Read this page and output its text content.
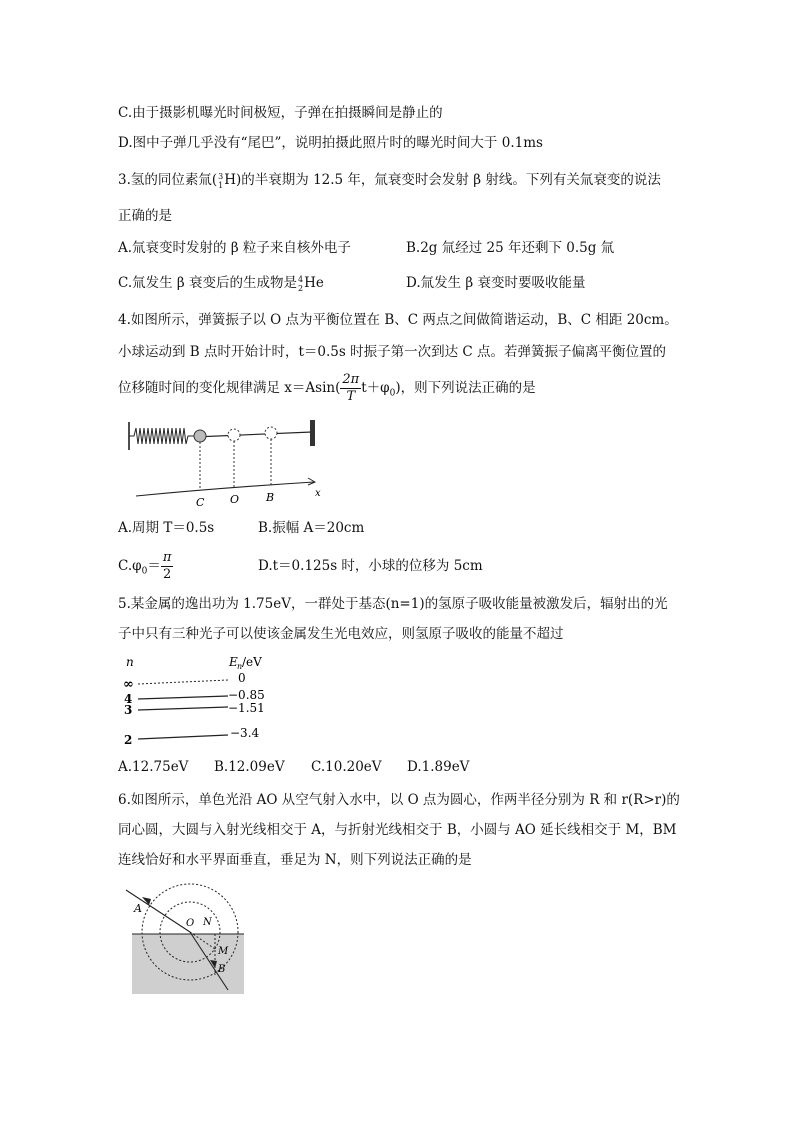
C.由于摄影机曝光时间极短，子弹在拍摄瞬间是静止的
D.图中子弹几乎没有“尾巴”，说明拍摄此照片时的曝光时间大于 0.1ms
3.氢的同位素氚( 3
1 H)的半衰期为 12.5 年，氚衰变时会发射 β 射线。下列有关氚衰变的说法
正确的是
A.氚衰变时发射的 β 粒子来自核外电子	B.2g 氚经过 25 年还剩下 0.5g 氚
C.氚发生 β 衰变后的生成物是 4
2 He	D.氚发生 β 衰变时要吸收能量
4.如图所示，弹簧振子以 O 点为平衡位置在 B、C 两点之间做简谐运动，B、C 相距 20cm。
小球运动到 B 点时开始计时，t＝0.5s 时振子第一次到达 C 点。若弹簧振子偏离平衡位置的
位移随时间的变化规律满足 $x=Asin( \frac{2\pi}{T} t+\varphi_0)$，则下列说法正确的是
C O B	x
A.周期 T＝0.5s	B.振幅 A＝20cm
$C.\varphi_0= \frac{\pi}{2}$	D.t＝0.125s 时，小球的位移为 5cm
5.某金属的逸出功为 1.75eV，一群处于基态(n=1)的氢原子吸收能量被激发后，辐射出的光
子中只有三种光子可以使该金属发生光电效应，则氢原子吸收的能量不超过
n	E n /eV
∞	0
4	−0.85
3	−1.51
2	−3.4
A.12.75eV B.12.09eV C.10.20eV D.1.89eV
6.如图所示，单色光沿 AO 从空气射入水中，以 O 点为圆心，作两半径分别为 R 和 r(R>r)的
同心圆，大圆与入射光线相交于 A，与折射光线相交于 B，小圆与 AO 延长线相交于 M，BM
连线恰好和水平界面垂直，垂足为 N，则下列说法正确的是
A
O N
M
B
